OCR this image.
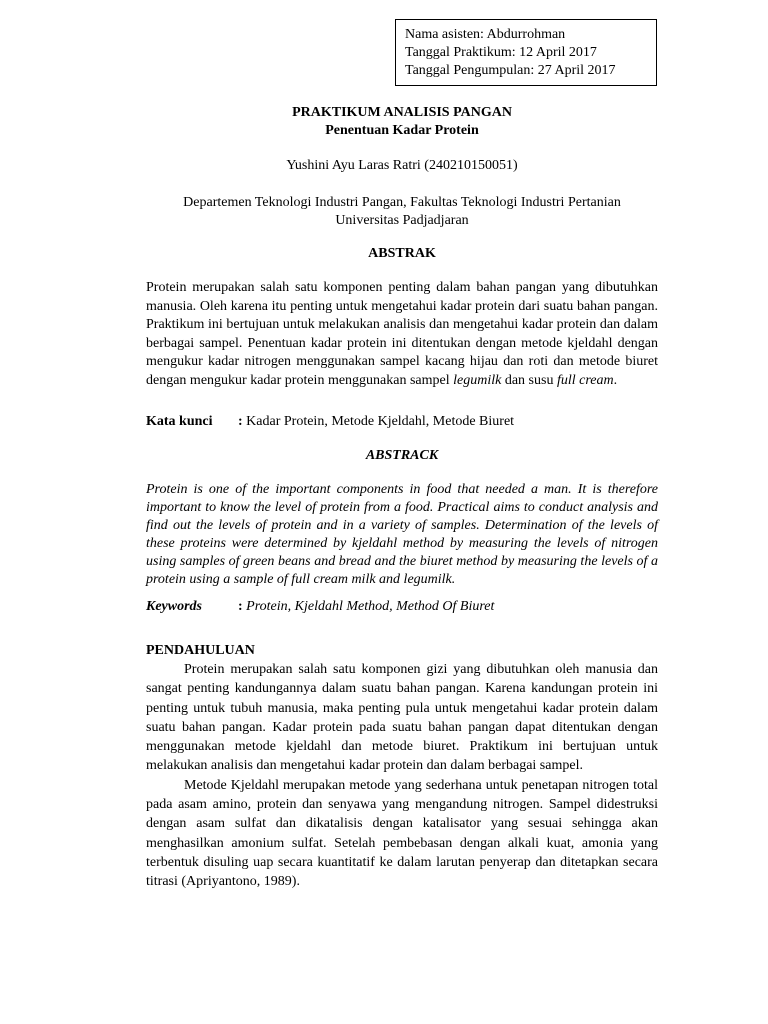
Nama asisten: Abdurrohman
Tanggal Praktikum: 12 April 2017
Tanggal Pengumpulan: 27 April 2017
PRAKTIKUM ANALISIS PANGAN
Penentuan Kadar Protein
Yushini Ayu Laras Ratri (240210150051)
Departemen Teknologi Industri Pangan, Fakultas Teknologi Industri Pertanian
Universitas Padjadjaran
ABSTRAK

Protein merupakan salah satu komponen penting dalam bahan pangan yang dibutuhkan manusia. Oleh karena itu penting untuk mengetahui kadar protein dari suatu bahan pangan. Praktikum ini bertujuan untuk melakukan analisis dan mengetahui kadar protein dan dalam berbagai sampel. Penentuan kadar protein ini ditentukan dengan metode kjeldahl dengan mengukur kadar nitrogen menggunakan sampel kacang hijau dan roti dan metode biuret dengan mengukur kadar protein menggunakan sampel legumilk dan susu full cream.

Kata kunci : Kadar Protein, Metode Kjeldahl, Metode Biuret
ABSTRACK

Protein is one of the important components in food that needed a man. It is therefore important to know the level of protein from a food. Practical aims to conduct analysis and find out the levels of protein and in a variety of samples. Determination of the levels of these proteins were determined by kjeldahl method by measuring the levels of nitrogen using samples of green beans and bread and the biuret method by measuring the levels of a protein using a sample of full cream milk and legumilk.

Keywords	: Protein, Kjeldahl Method, Method Of Biuret
PENDAHULUAN

Protein merupakan salah satu komponen gizi yang dibutuhkan oleh manusia dan sangat penting kandungannya dalam suatu bahan pangan. Karena kandungan protein ini penting untuk tubuh manusia, maka penting pula untuk mengetahui kadar protein dalam suatu bahan pangan. Kadar protein pada suatu bahan pangan dapat ditentukan dengan menggunakan metode kjeldahl dan metode biuret. Praktikum ini bertujuan untuk melakukan analisis dan mengetahui kadar protein dan dalam berbagai sampel.

Metode Kjeldahl merupakan metode yang sederhana untuk penetapan nitrogen total pada asam amino, protein dan senyawa yang mengandung nitrogen. Sampel didestruksi dengan asam sulfat dan dikatalisis dengan katalisator yang sesuai sehingga akan menghasilkan amonium sulfat. Setelah pembebasan dengan alkali kuat, amonia yang terbentuk disuling uap secara kuantitatif ke dalam larutan penyerap dan ditetapkan secara titrasi (Apriyantono, 1989).
